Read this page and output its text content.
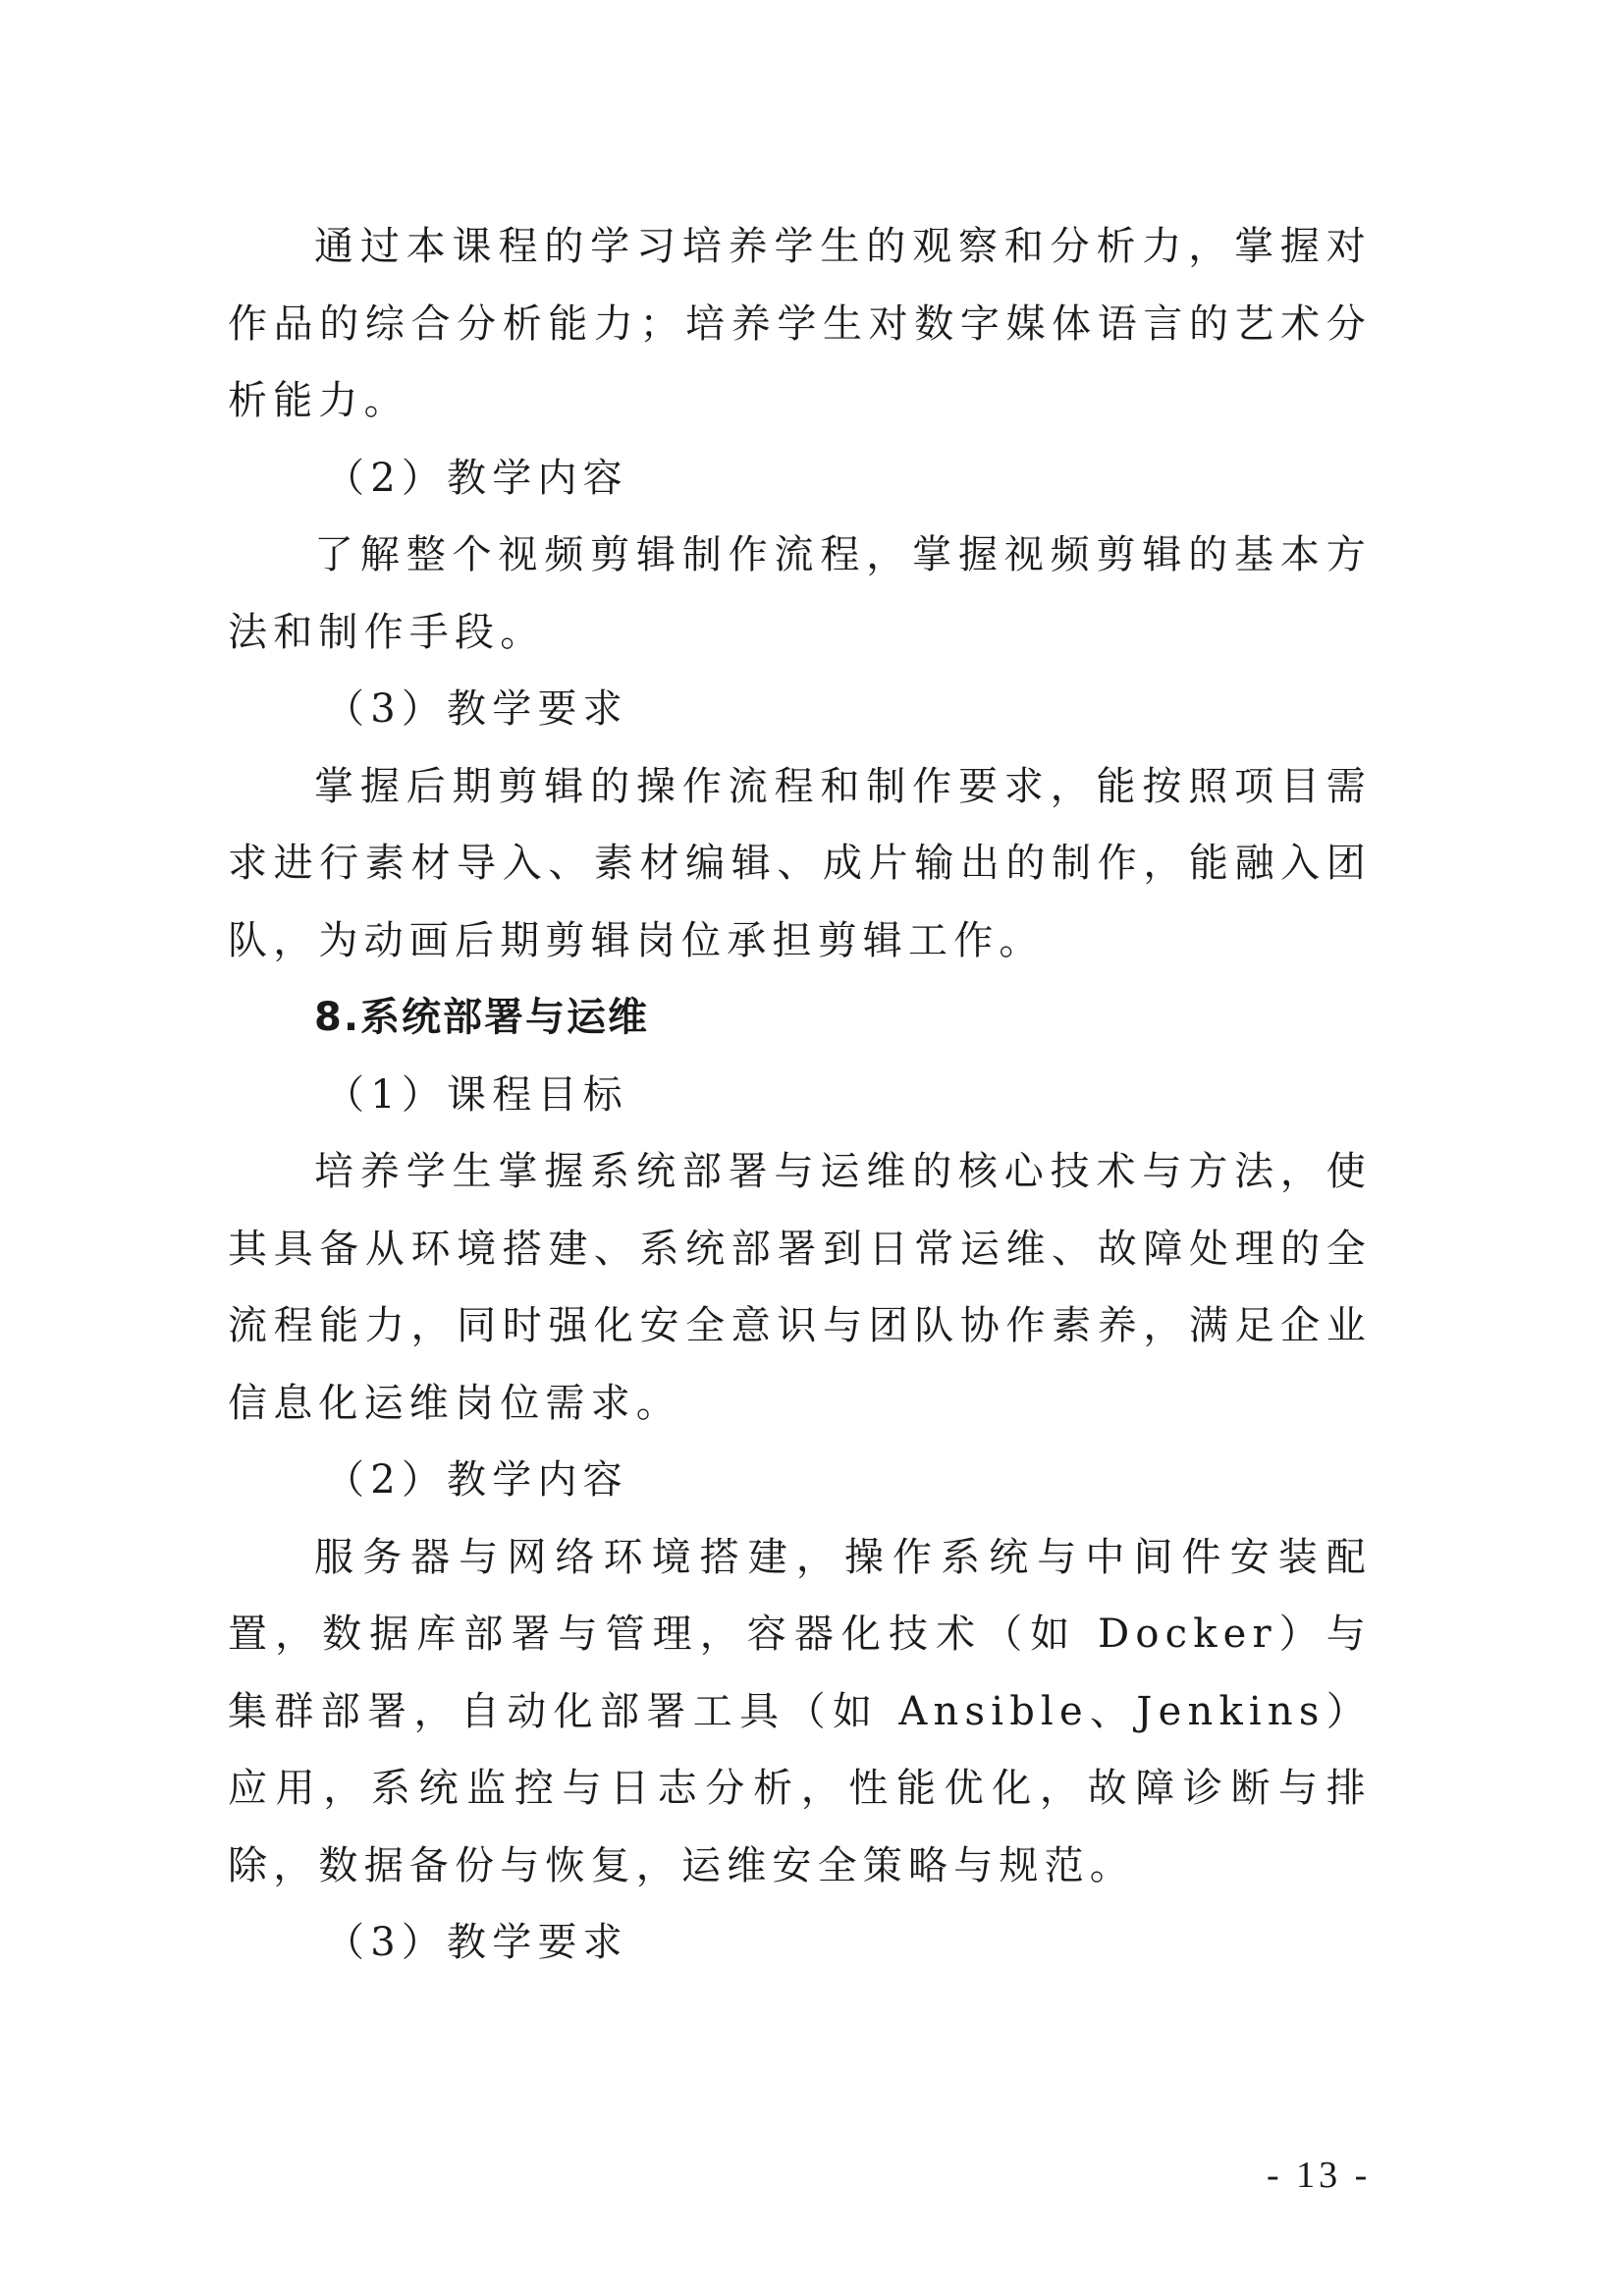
通过本课程的学习培养学生的观察和分析力，掌握对作品的综合分析能力；培养学生对数字媒体语言的艺术分析能力。

（2）教学内容

了解整个视频剪辑制作流程，掌握视频剪辑的基本方法和制作手段。

（3）教学要求

掌握后期剪辑的操作流程和制作要求，能按照项目需求进行素材导入、素材编辑、成片输出的制作，能融入团队，为动画后期剪辑岗位承担剪辑工作。

8.系统部署与运维

（1）课程目标

培养学生掌握系统部署与运维的核心技术与方法，使其具备从环境搭建、系统部署到日常运维、故障处理的全流程能力，同时强化安全意识与团队协作素养，满足企业信息化运维岗位需求。

（2）教学内容

服务器与网络环境搭建，操作系统与中间件安装配置，数据库部署与管理，容器化技术（如 Docker）与集群部署，自动化部署工具（如 Ansible、Jenkins）应用，系统监控与日志分析，性能优化，故障诊断与排除，数据备份与恢复，运维安全策略与规范。

（3）教学要求

- 13 -
